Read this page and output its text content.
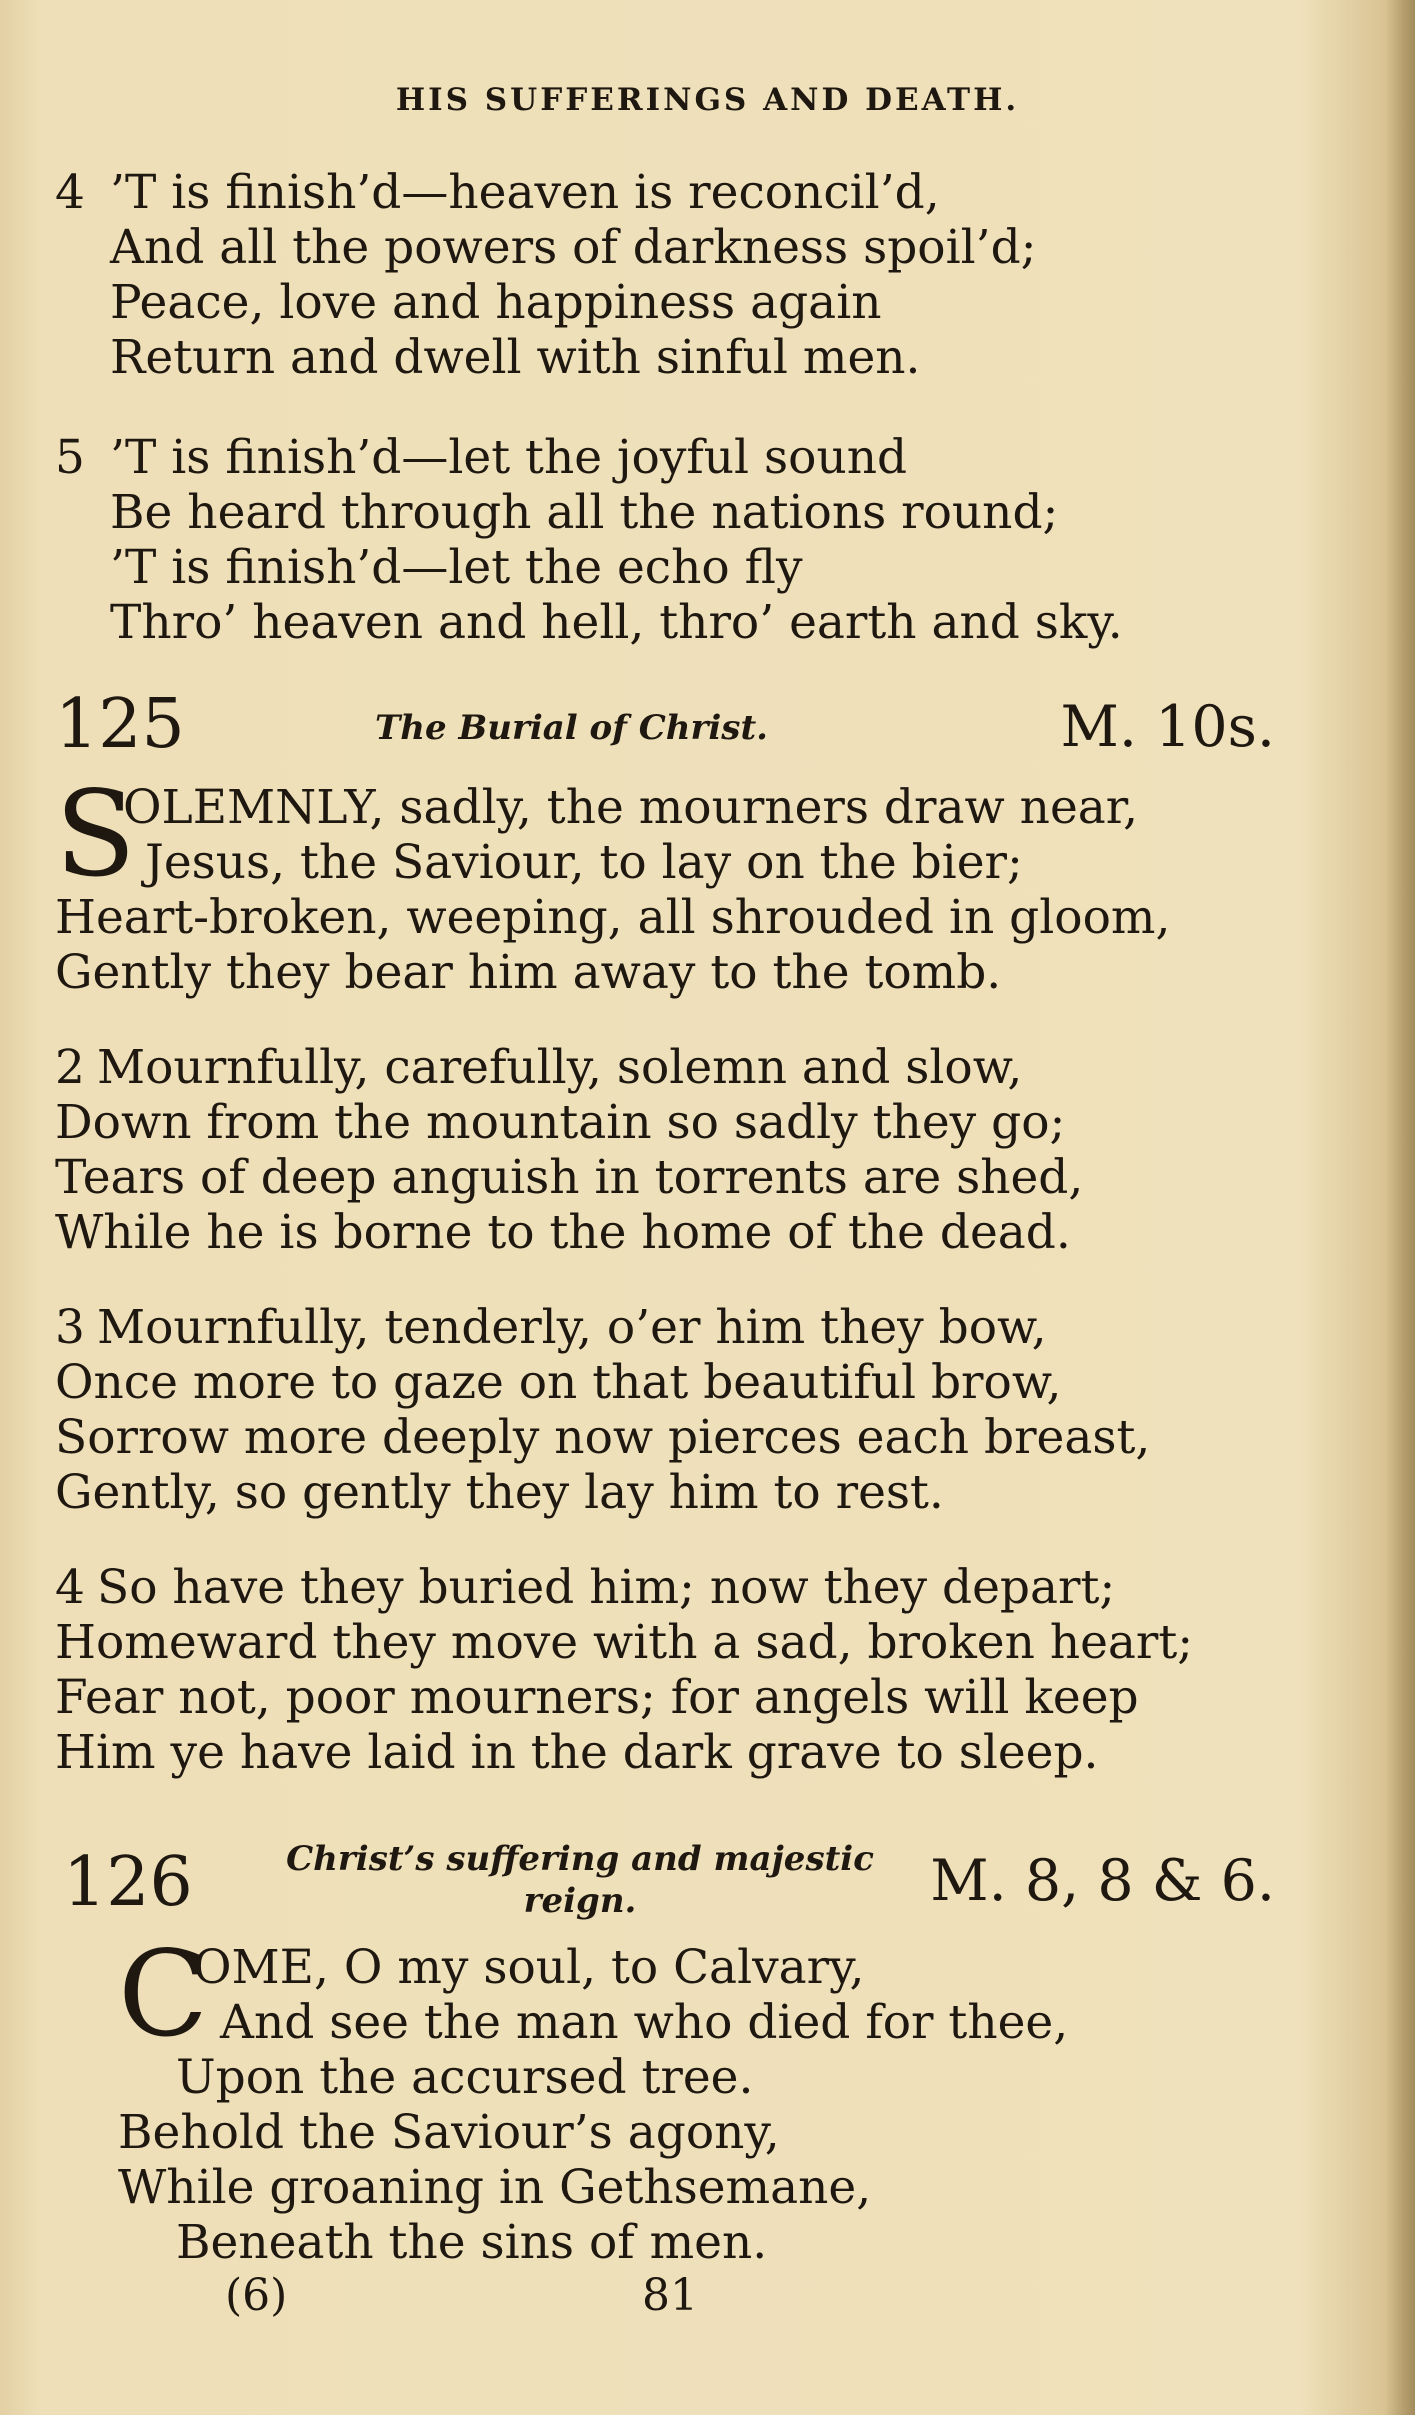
HIS SUFFERINGS AND DEATH.
4 ’T is finish’d—heaven is reconcil’d,
And all the powers of darkness spoil’d;
Peace, love and happiness again
Return and dwell with sinful men.
5 ’T is finish’d—let the joyful sound
Be heard through all the nations round;
’T is finish’d—let the echo fly
Thro’ heaven and hell, thro’ earth and sky.
125	The Burial of Christ.	M. 10s.
S
OLEMNLY, sadly, the mourners draw near,
Jesus, the Saviour, to lay on the bier;
Heart-broken, weeping, all shrouded in gloom,
Gently they bear him away to the tomb.
2 Mournfully, carefully, solemn and slow,
Down from the mountain so sadly they go;
Tears of deep anguish in torrents are shed,
While he is borne to the home of the dead.
3 Mournfully, tenderly, o’er him they bow,
Once more to gaze on that beautiful brow,
Sorrow more deeply now pierces each breast,
Gently, so gently they lay him to rest.
4 So have they buried him; now they depart;
Homeward they move with a sad, broken heart;
Fear not, poor mourners; for angels will keep
Him ye have laid in the dark grave to sleep.
126	Christ’s suffering and majestic
reign.	M. 8, 8 & 6.
C
OME, O my soul, to Calvary,
And see the man who died for thee,
Upon the accursed tree.
Behold the Saviour’s agony,
While groaning in Gethsemane,
Beneath the sins of men.
(6)	81
